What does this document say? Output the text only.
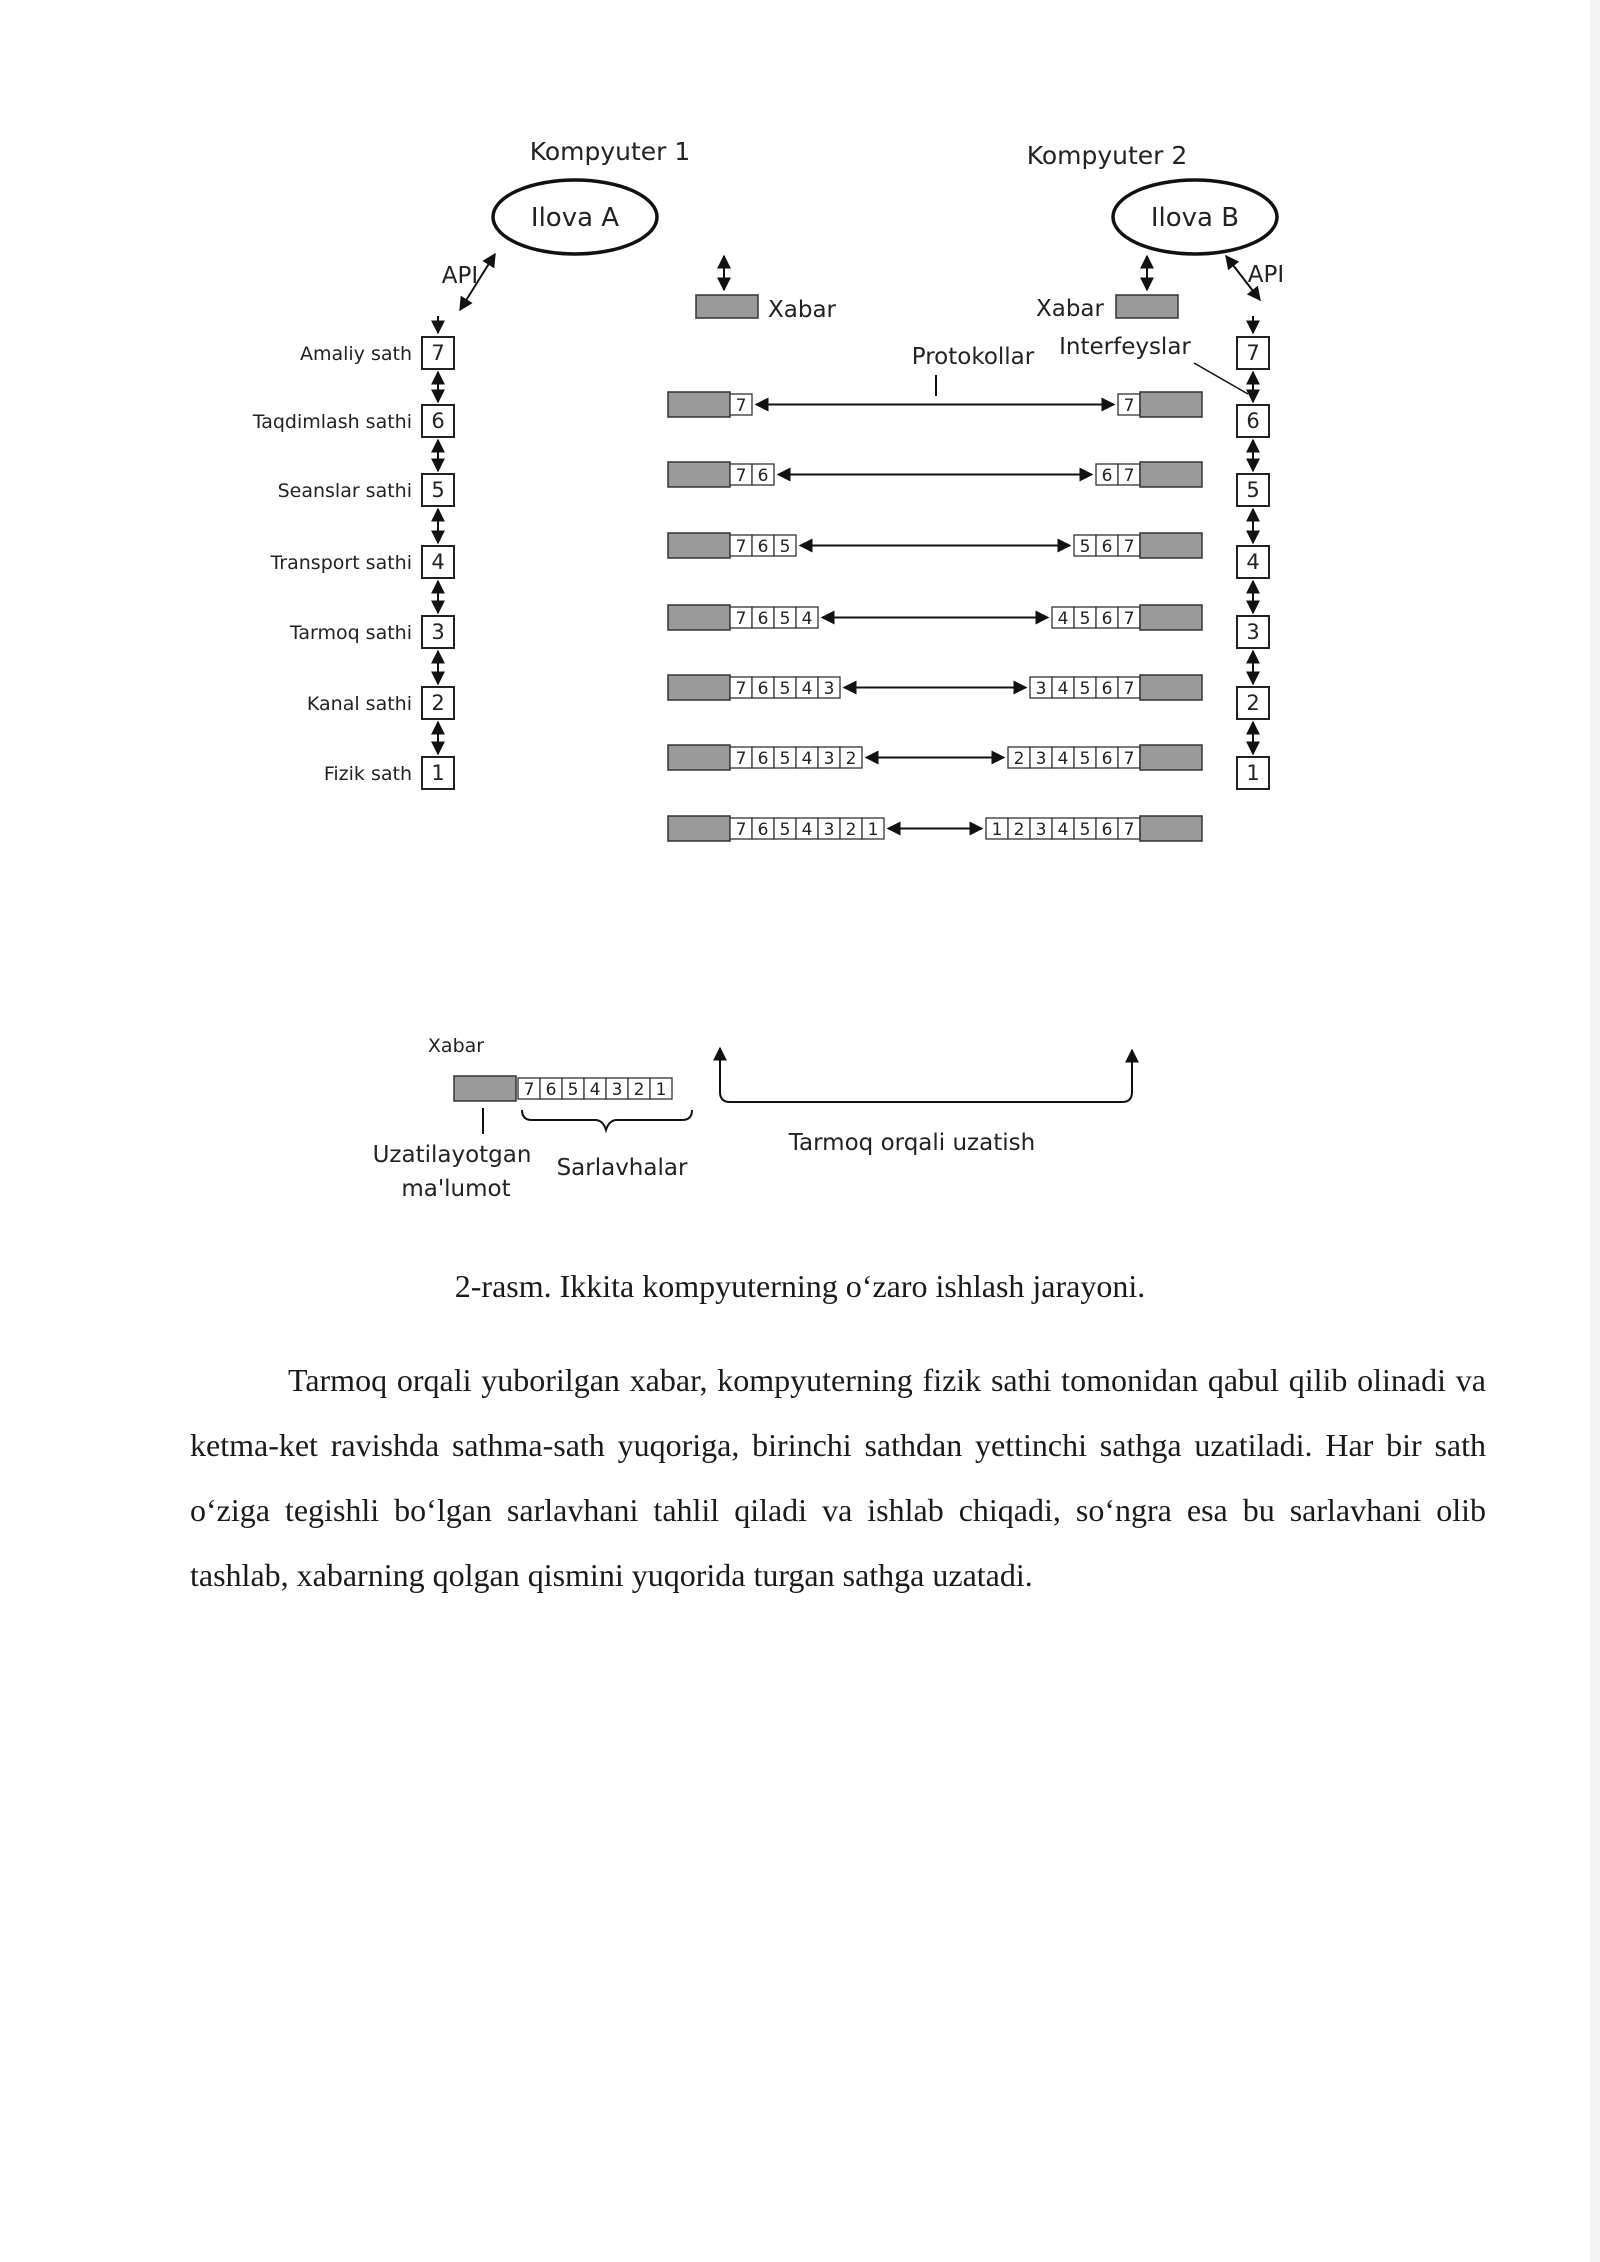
Kompyuter 1	Kompyuter 2
Ilova A	Ilova B
API	API
Xabar	Xabar
Protokollar Interfeyslar
7
Amaliy sath
6
Taqdimlash sathi
5
Seanslar sathi
4
Transport sathi
3
Tarmoq sathi
2
Kanal sathi
1
Fizik sath
7
6
5
4
3
2
1
7	7
7 6	6 7
7 6 5	5 6 7
7 6 5 4	4 5 6 7
7 6 5 4 3	3 4 5 6 7
7 6 5 4 3 2	2 3 4 5 6 7
7 6 5 4 3 2 1	1 2 3 4 5 6 7
Xabar
7 6 5 4 3 2 1
Uzatilayotgan
ma'lumot
Sarlavhalar
Tarmoq orqali uzatish

2-rasm. Ikkita kompyuterning o‘zaro ishlash jarayoni.

Tarmoq orqali yuborilgan xabar, kompyuterning fizik sathi tomonidan qabul qilib olinadi va ketma-ket ravishda sathma-sath yuqoriga, birinchi sathdan yettinchi sathga uzatiladi. Har bir sath o‘ziga tegishli bo‘lgan sarlavhani tahlil qiladi va ishlab chiqadi, so‘ngra esa bu sarlavhani olib tashlab, xabarning qolgan qismini yuqorida turgan sathga uzatadi.
